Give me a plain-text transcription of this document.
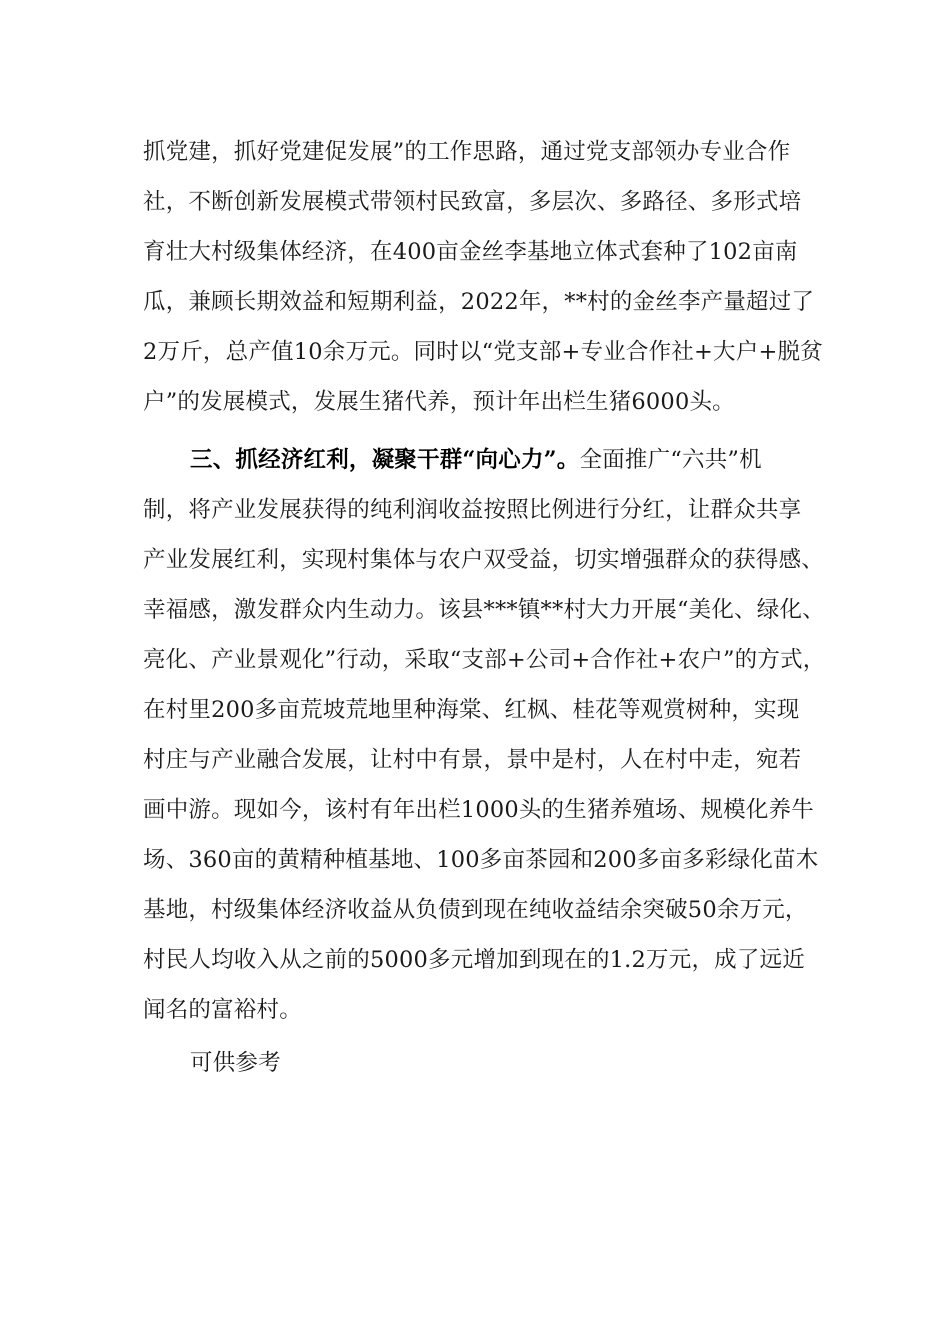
抓党建，抓好党建促发展”的工作思路，通过党支部领办专业合作
社，不断创新发展模式带领村民致富，多层次、多路径、多形式培
育壮大村级集体经济，在400亩金丝李基地立体式套种了102亩南
瓜，兼顾长期效益和短期利益，2022年，**村的金丝李产量超过了
2万斤，总产值10余万元。同时以“党支部+专业合作社+大户+脱贫
户”的发展模式，发展生猪代养，预计年出栏生猪6000头。
三、抓经济红利，凝聚干群“向心力”。全面推广“六共”机
制，将产业发展获得的纯利润收益按照比例进行分红，让群众共享
产业发展红利，实现村集体与农户双受益，切实增强群众的获得感、
幸福感，激发群众内生动力。该县***镇**村大力开展“美化、绿化、
亮化、产业景观化”行动，采取“支部+公司+合作社+农户”的方式，
在村里200多亩荒坡荒地里种海棠、红枫、桂花等观赏树种，实现
村庄与产业融合发展，让村中有景，景中是村，人在村中走，宛若
画中游。现如今，该村有年出栏1000头的生猪养殖场、规模化养牛
场、360亩的黄精种植基地、100多亩茶园和200多亩多彩绿化苗木
基地，村级集体经济收益从负债到现在纯收益结余突破50余万元，
村民人均收入从之前的5000多元增加到现在的1.2万元，成了远近
闻名的富裕村。
可供参考
